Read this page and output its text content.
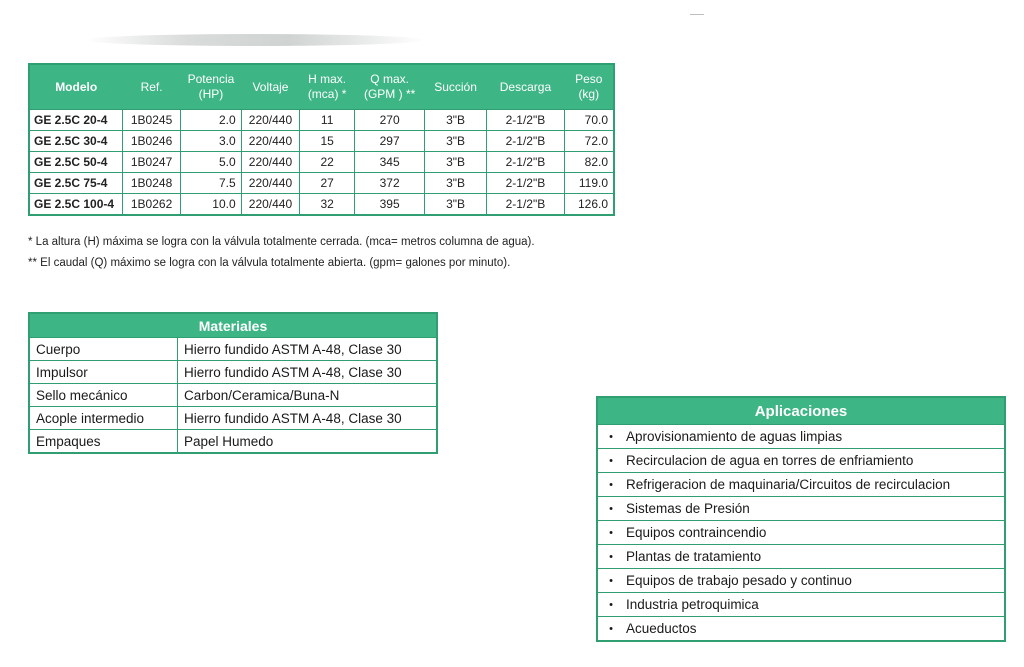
Modelo	Ref.	Potencia
(HP)	Voltaje	H max.
(mca) *	Q max.
(GPM ) **	Succión	Descarga	Peso
(kg)
GE 2.5C 20-4	1B0245	2.0	220/440	11	270	3"B	2-1/2"B	70.0
GE 2.5C 30-4	1B0246	3.0	220/440	15	297	3"B	2-1/2"B	72.0
GE 2.5C 50-4	1B0247	5.0	220/440	22	345	3"B	2-1/2"B	82.0
GE 2.5C 75-4	1B0248	7.5	220/440	27	372	3"B	2-1/2"B	119.0
GE 2.5C 100-4	1B0262	10.0	220/440	32	395	3"B	2-1/2"B	126.0
* La altura (H) máxima se logra con la válvula totalmente cerrada. (mca= metros columna de agua).
** El caudal (Q) máximo se logra con la válvula totalmente abierta. (gpm= galones por minuto).
Materiales	
Cuerpo	Hierro fundido ASTM A-48, Clase 30
Impulsor	Hierro fundido ASTM A-48, Clase 30
Sello mecánico	Carbon/Ceramica/Buna-N
Acople intermedio	Hierro fundido ASTM A-48, Clase 30
Empaques	Papel Humedo
Aplicaciones	
•	Aprovisionamiento de aguas limpias
•	Recirculacion de agua en torres de enfriamiento
•	Refrigeracion de maquinaria/Circuitos de recirculacion
•	Sistemas de Presión
•	Equipos contraincendio
•	Plantas de tratamiento
•	Equipos de trabajo pesado y continuo
•	Industria petroquimica
•	Acueductos
